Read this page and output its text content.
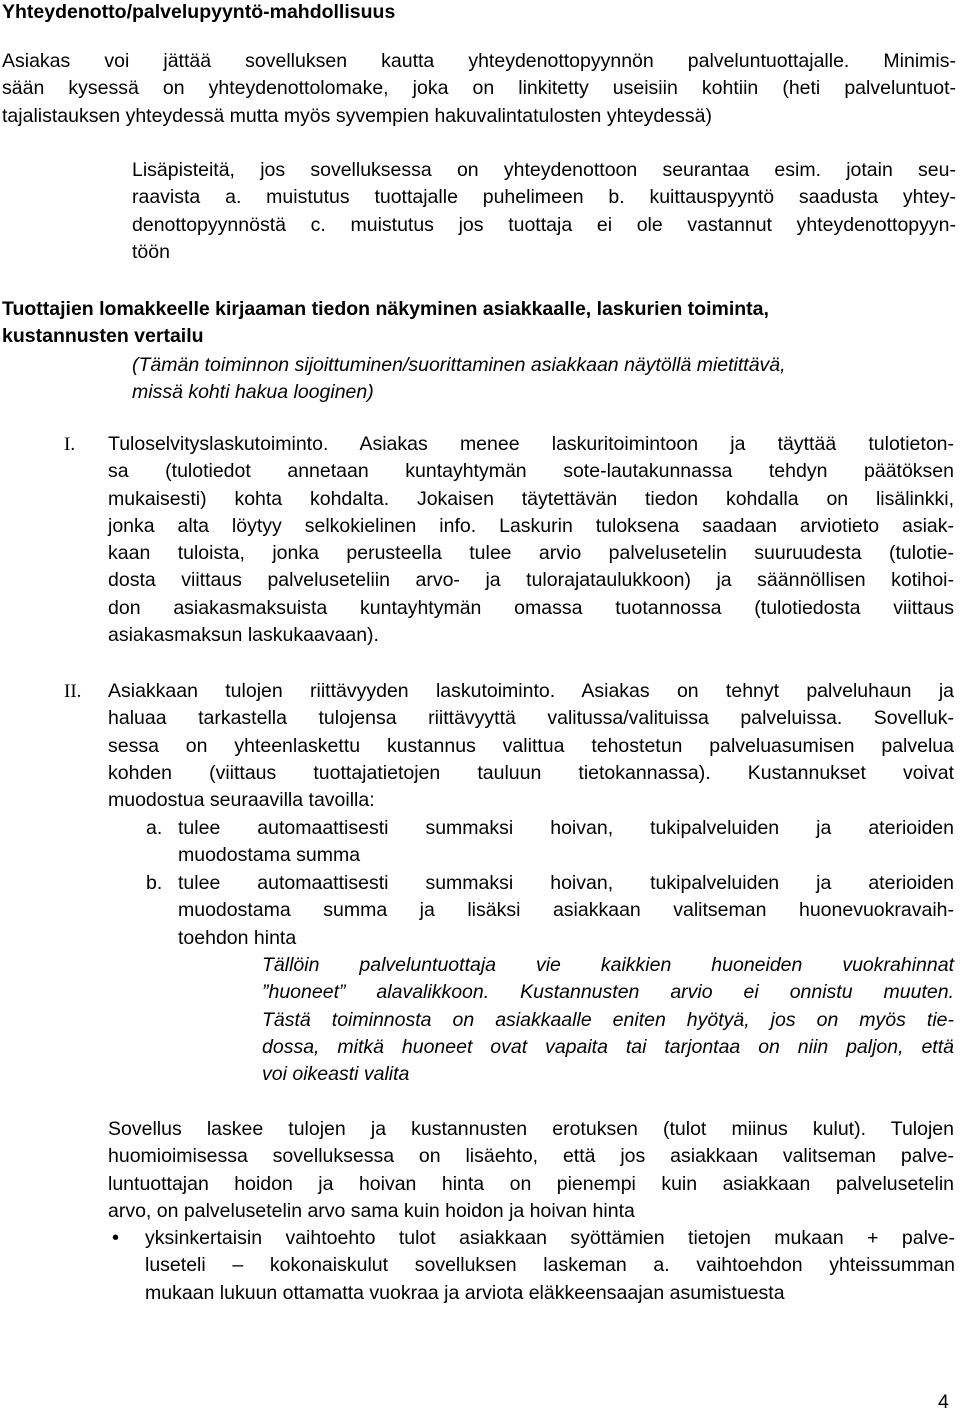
Yhteydenotto/palvelupyyntö-mahdollisuus
Asiakas voi jättää sovelluksen kautta yhteydenottopyynnön palveluntuottajalle. Minimis-
sään kysessä on yhteydenottolomake, joka on linkitetty useisiin kohtiin (heti palveluntuot-
tajalistauksen yhteydessä mutta myös syvempien hakuvalintatulosten yhteydessä)
Lisäpisteitä, jos sovelluksessa on yhteydenottoon seurantaa esim. jotain seu-
raavista a. muistutus tuottajalle puhelimeen b. kuittauspyyntö saadusta yhtey-
denottopyynnöstä c. muistutus jos tuottaja ei ole vastannut yhteydenottopyyn-
töön
Tuottajien lomakkeelle kirjaaman tiedon näkyminen asiakkaalle, laskurien toiminta,
kustannusten vertailu
(Tämän toiminnon sijoittuminen/suorittaminen asiakkaan näytöllä mietittävä,
missä kohti hakua looginen)
I. Tuloselvityslaskutoiminto. Asiakas menee laskuritoimintoon ja täyttää tulotieton-
sa (tulotiedot annetaan kuntayhtymän sote-lautakunnassa tehdyn päätöksen
mukaisesti) kohta kohdalta. Jokaisen täytettävän tiedon kohdalla on lisälinkki,
jonka alta löytyy selkokielinen info. Laskurin tuloksena saadaan arviotieto asiak-
kaan tuloista, jonka perusteella tulee arvio palvelusetelin suuruudesta (tulotie-
dosta viittaus palveluseteliin arvo- ja tulorajataulukkoon) ja säännöllisen kotihoi-
don asiakasmaksuista kuntayhtymän omassa tuotannossa (tulotiedosta viittaus
asiakasmaksun laskukaavaan).
II. Asiakkaan tulojen riittävyyden laskutoiminto. Asiakas on tehnyt palveluhaun ja
haluaa tarkastella tulojensa riittävyyttä valitussa/valituissa palveluissa. Sovelluk-
sessa on yhteenlaskettu kustannus valittua tehostetun palveluasumisen palvelua
kohden (viittaus tuottajatietojen tauluun tietokannassa). Kustannukset voivat
muodostua seuraavilla tavoilla:
a. tulee automaattisesti summaksi hoivan, tukipalveluiden ja aterioiden
muodostama summa
b. tulee automaattisesti summaksi hoivan, tukipalveluiden ja aterioiden
muodostama summa ja lisäksi asiakkaan valitseman huonevuokravaih-
toehdon hinta
Tällöin palveluntuottaja vie kaikkien huoneiden vuokrahinnat
”huoneet” alavalikkoon. Kustannusten arvio ei onnistu muuten.
Tästä toiminnosta on asiakkaalle eniten hyötyä, jos on myös tie-
dossa, mitkä huoneet ovat vapaita tai tarjontaa on niin paljon, että
voi oikeasti valita
Sovellus laskee tulojen ja kustannusten erotuksen (tulot miinus kulut). Tulojen
huomioimisessa sovelluksessa on lisäehto, että jos asiakkaan valitseman palve-
luntuottajan hoidon ja hoivan hinta on pienempi kuin asiakkaan palvelusetelin
arvo, on palvelusetelin arvo sama kuin hoidon ja hoivan hinta
• yksinkertaisin vaihtoehto tulot asiakkaan syöttämien tietojen mukaan + palve-
luseteli – kokonaiskulut sovelluksen laskeman a. vaihtoehdon yhteissumman
mukaan lukuun ottamatta vuokraa ja arviota eläkkeensaajan asumistuesta
4
